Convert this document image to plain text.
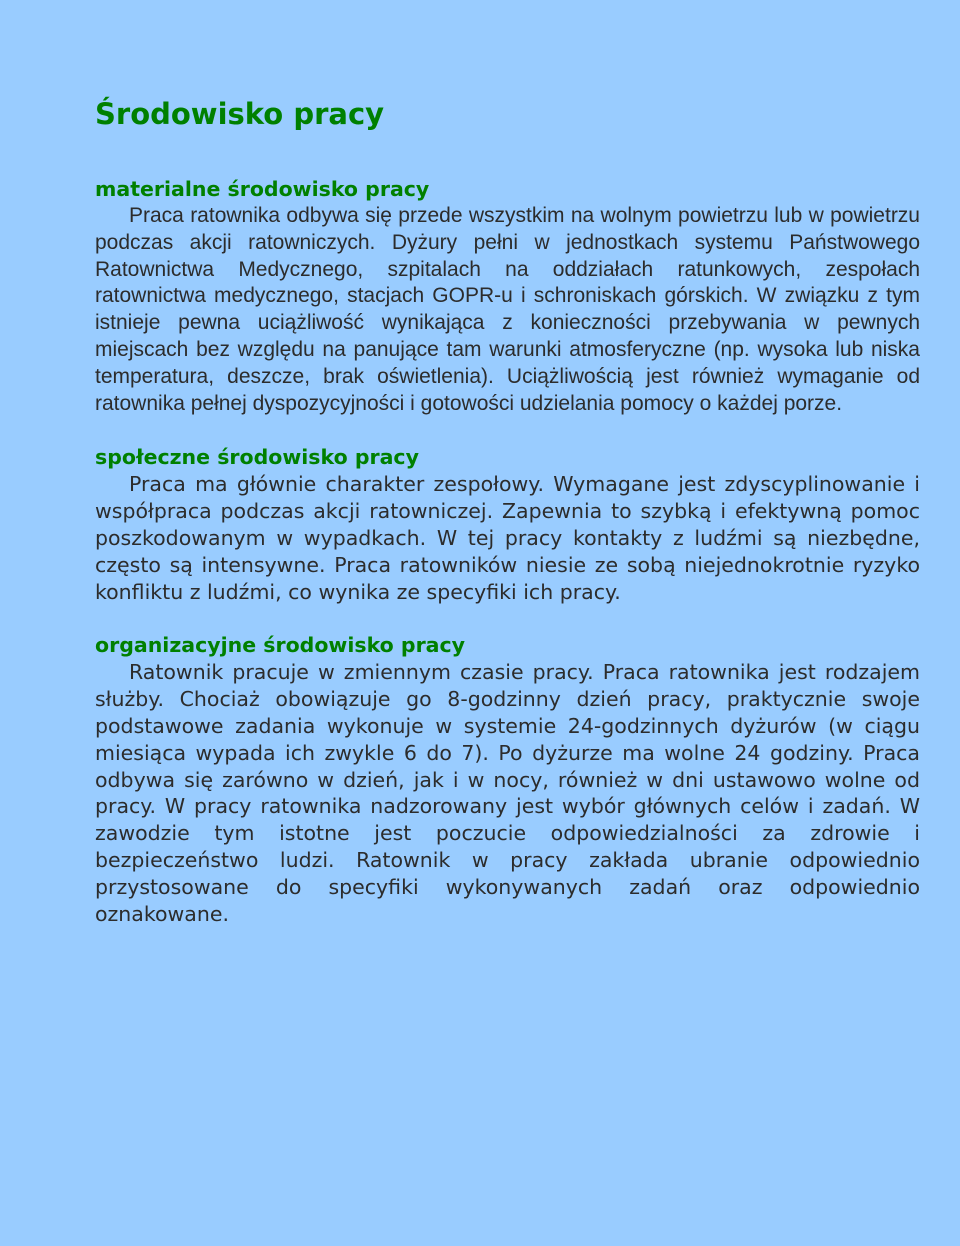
Środowisko pracy
materialne środowisko pracy

Praca ratownika odbywa się przede wszystkim na wolnym powietrzu lub w powietrzu podczas akcji ratowniczych. Dyżury pełni w jednostkach systemu Państwowego Ratownictwa Medycznego, szpitalach na oddziałach ratunkowych, zespołach ratownictwa medycznego, stacjach GOPR-u i schroniskach górskich. W związku z tym istnieje pewna uciążliwość wynikająca z konieczności przebywania w pewnych miejscach bez względu na panujące tam warunki atmosferyczne (np. wysoka lub niska temperatura, deszcze, brak oświetlenia). Uciążliwością jest również wymaganie od ratownika pełnej dyspozycyjności i gotowości udzielania pomocy o każdej porze.

społeczne środowisko pracy

Praca ma głównie charakter zespołowy. Wymagane jest zdyscyplinowanie i współpraca podczas akcji ratowniczej. Zapewnia to szybką i efektywną pomoc poszkodowanym w wypadkach. W tej pracy kontakty z ludźmi są niezbędne, często są intensywne. Praca ratowników niesie ze sobą niejednokrotnie ryzyko konfliktu z ludźmi, co wynika ze specyfiki ich pracy.

organizacyjne środowisko pracy

Ratownik pracuje w zmiennym czasie pracy. Praca ratownika jest rodzajem służby. Chociaż obowiązuje go 8-godzinny dzień pracy, praktycznie swoje podstawowe zadania wykonuje w systemie 24-godzinnych dyżurów (w ciągu miesiąca wypada ich zwykle 6 do 7). Po dyżurze ma wolne 24 godziny. Praca odbywa się zarówno w dzień, jak i w nocy, również w dni ustawowo wolne od pracy. W pracy ratownika nadzorowany jest wybór głównych celów i zadań. W zawodzie tym istotne jest poczucie odpowiedzialności za zdrowie i bezpieczeństwo ludzi. Ratownik w pracy zakłada ubranie odpowiednio przystosowane do specyfiki wykonywanych zadań oraz odpowiednio oznakowane.
